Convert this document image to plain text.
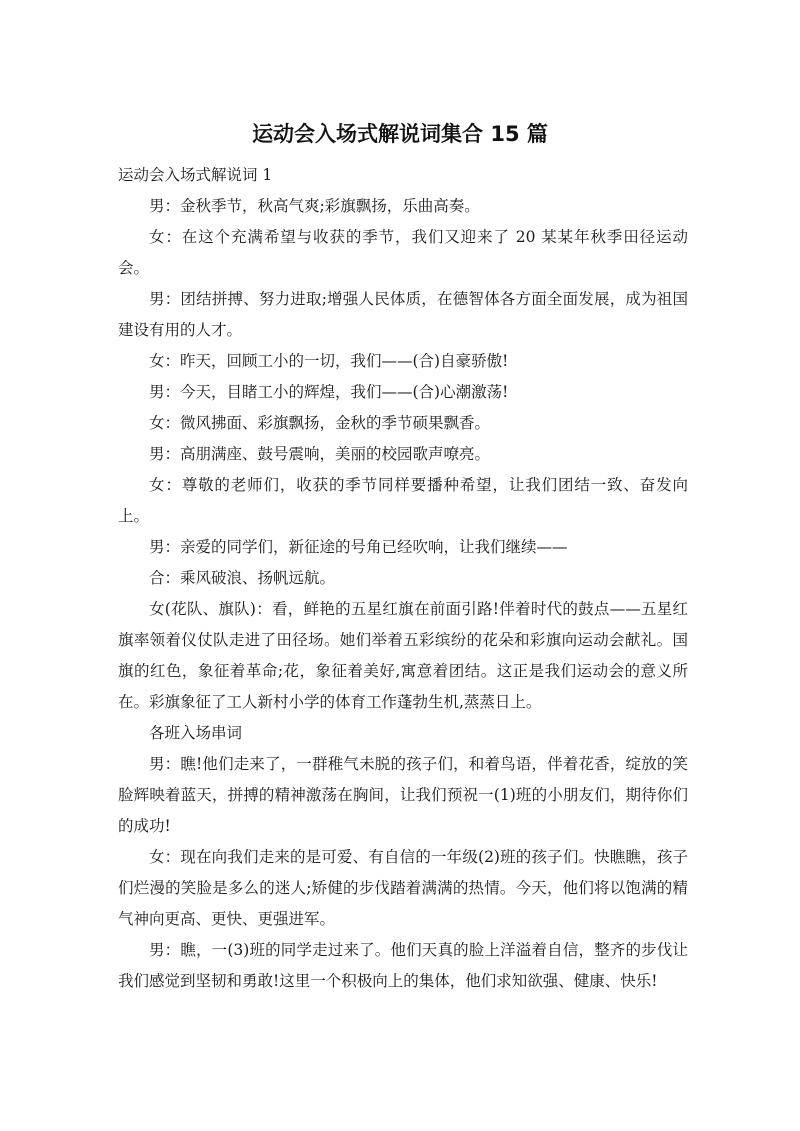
运动会入场式解说词集合 15 篇

运动会入场式解说词 1

男：金秋季节，秋高气爽;彩旗飘扬，乐曲高奏。

女：在这个充满希望与收获的季节，我们又迎来了 20 某某年秋季田径运动会。

男：团结拼搏、努力进取;增强人民体质，在德智体各方面全面发展，成为祖国建设有用的人才。

女：昨天，回顾工小的一切，我们——(合)自豪骄傲!

男：今天，目睹工小的辉煌，我们——(合)心潮激荡!

女：微风拂面、彩旗飘扬，金秋的季节硕果飘香。

男：高朋满座、鼓号震响，美丽的校园歌声嘹亮。

女：尊敬的老师们，收获的季节同样要播种希望，让我们团结一致、奋发向上。

男：亲爱的同学们，新征途的号角已经吹响，让我们继续——

合：乘风破浪、扬帆远航。

女(花队、旗队)：看，鲜艳的五星红旗在前面引路!伴着时代的鼓点——五星红旗率领着仪仗队走进了田径场。她们举着五彩缤纷的花朵和彩旗向运动会献礼。国旗的红色，象征着革命;花，象征着美好,寓意着团结。这正是我们运动会的意义所在。彩旗象征了工人新村小学的体育工作蓬勃生机,蒸蒸日上。

各班入场串词

男：瞧!他们走来了，一群稚气未脱的孩子们，和着鸟语，伴着花香，绽放的笑脸辉映着蓝天，拼搏的精神激荡在胸间，让我们预祝一(1)班的小朋友们，期待你们的成功!

女：现在向我们走来的是可爱、有自信的一年级(2)班的孩子们。快瞧瞧，孩子们烂漫的笑脸是多么的迷人;矫健的步伐踏着满满的热情。今天，他们将以饱满的精气神向更高、更快、更强进军。

男：瞧，一(3)班的同学走过来了。他们天真的脸上洋溢着自信，整齐的步伐让我们感觉到坚韧和勇敢!这里一个积极向上的集体，他们求知欲强、健康、快乐!
